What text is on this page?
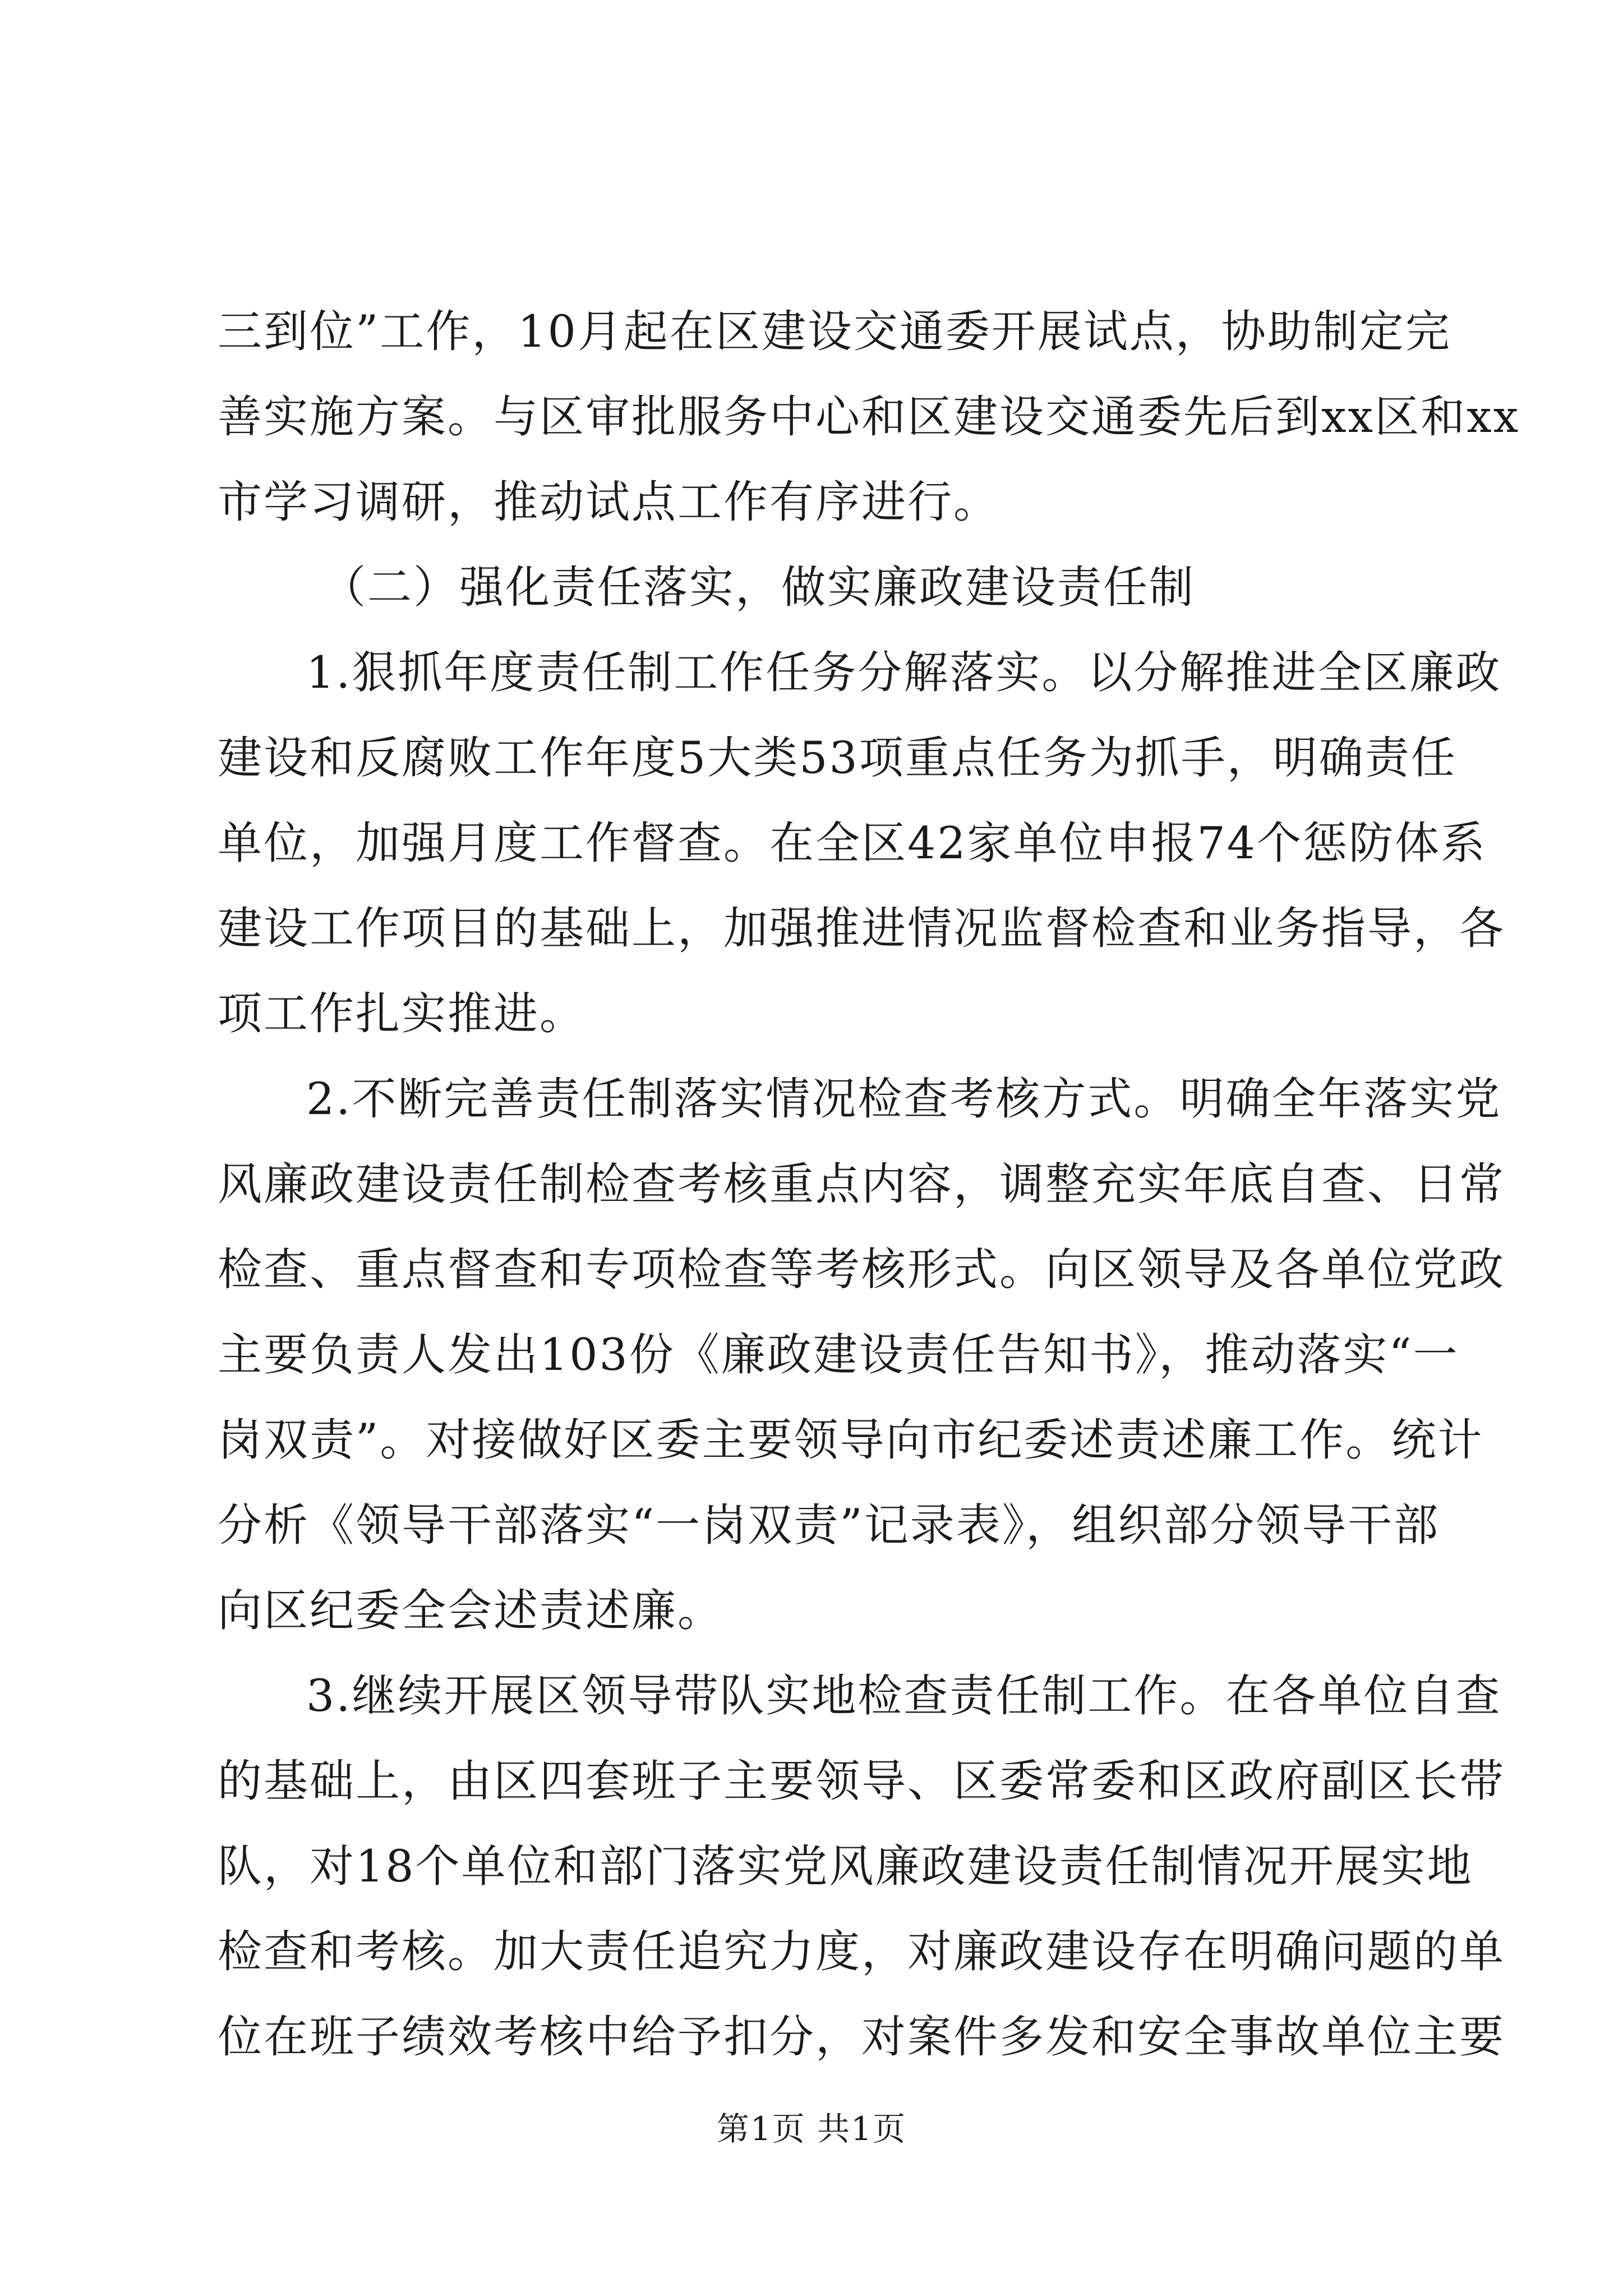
三到位”工作，10月起在区建设交通委开展试点，协助制定完
善实施方案。与区审批服务中心和区建设交通委先后到xx区和xx
市学习调研，推动试点工作有序进行。
（二）强化责任落实，做实廉政建设责任制
1.狠抓年度责任制工作任务分解落实。以分解推进全区廉政
建设和反腐败工作年度5大类53项重点任务为抓手，明确责任
单位，加强月度工作督查。在全区42家单位申报74个惩防体系
建设工作项目的基础上，加强推进情况监督检查和业务指导，各
项工作扎实推进。
2.不断完善责任制落实情况检查考核方式。明确全年落实党
风廉政建设责任制检查考核重点内容，调整充实年底自查、日常
检查、重点督查和专项检查等考核形式。向区领导及各单位党政
主要负责人发出103份《廉政建设责任告知书》，推动落实“一
岗双责”。对接做好区委主要领导向市纪委述责述廉工作。统计
分析《领导干部落实“一岗双责”记录表》，组织部分领导干部
向区纪委全会述责述廉。
3.继续开展区领导带队实地检查责任制工作。在各单位自查
的基础上，由区四套班子主要领导、区委常委和区政府副区长带
队，对18个单位和部门落实党风廉政建设责任制情况开展实地
检查和考核。加大责任追究力度，对廉政建设存在明确问题的单
位在班子绩效考核中给予扣分，对案件多发和安全事故单位主要
第1页 共1页
